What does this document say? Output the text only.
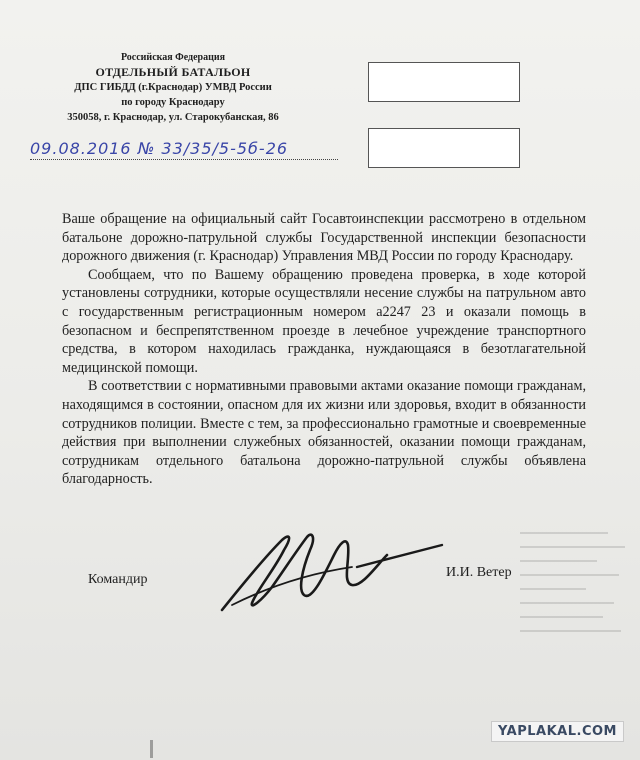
Российская Федерация
ОТДЕЛЬНЫЙ БАТАЛЬОН
ДПС ГИБДД (г.Краснодар) УМВД России
по городу Краснодару
350058, г. Краснодар, ул. Старокубанская, 86
09.08.2016 № 33/35/5-5б-26

Ваше обращение на официальный сайт Госавтоинспекции рассмотрено в отдельном батальоне дорожно-патрульной службы Государственной инспекции безопасности дорожного движения (г. Краснодар) Управления МВД России по городу Краснодару.

Сообщаем, что по Вашему обращению проведена проверка, в ходе которой установлены сотрудники, которые осуществляли несение службы на патрульном авто с государственным регистрационным номером а2247 23 и оказали помощь в безопасном и беспрепятственном проезде в лечебное учреждение транспортного средства, в котором находилась гражданка, нуждающаяся в безотлагательной медицинской помощи.

В соответствии с нормативными правовыми актами оказание помощи гражданам, находящимся в состоянии, опасном для их жизни или здоровья, входит в обязанности сотрудников полиции. Вместе с тем, за профессионально грамотные и своевременные действия при выполнении служебных обязанностей, оказании помощи гражданам, сотрудникам отдельного батальона дорожно-патрульной службы объявлена благодарность.

Командир	И.И. Ветер
YAPLAKAL.COM
